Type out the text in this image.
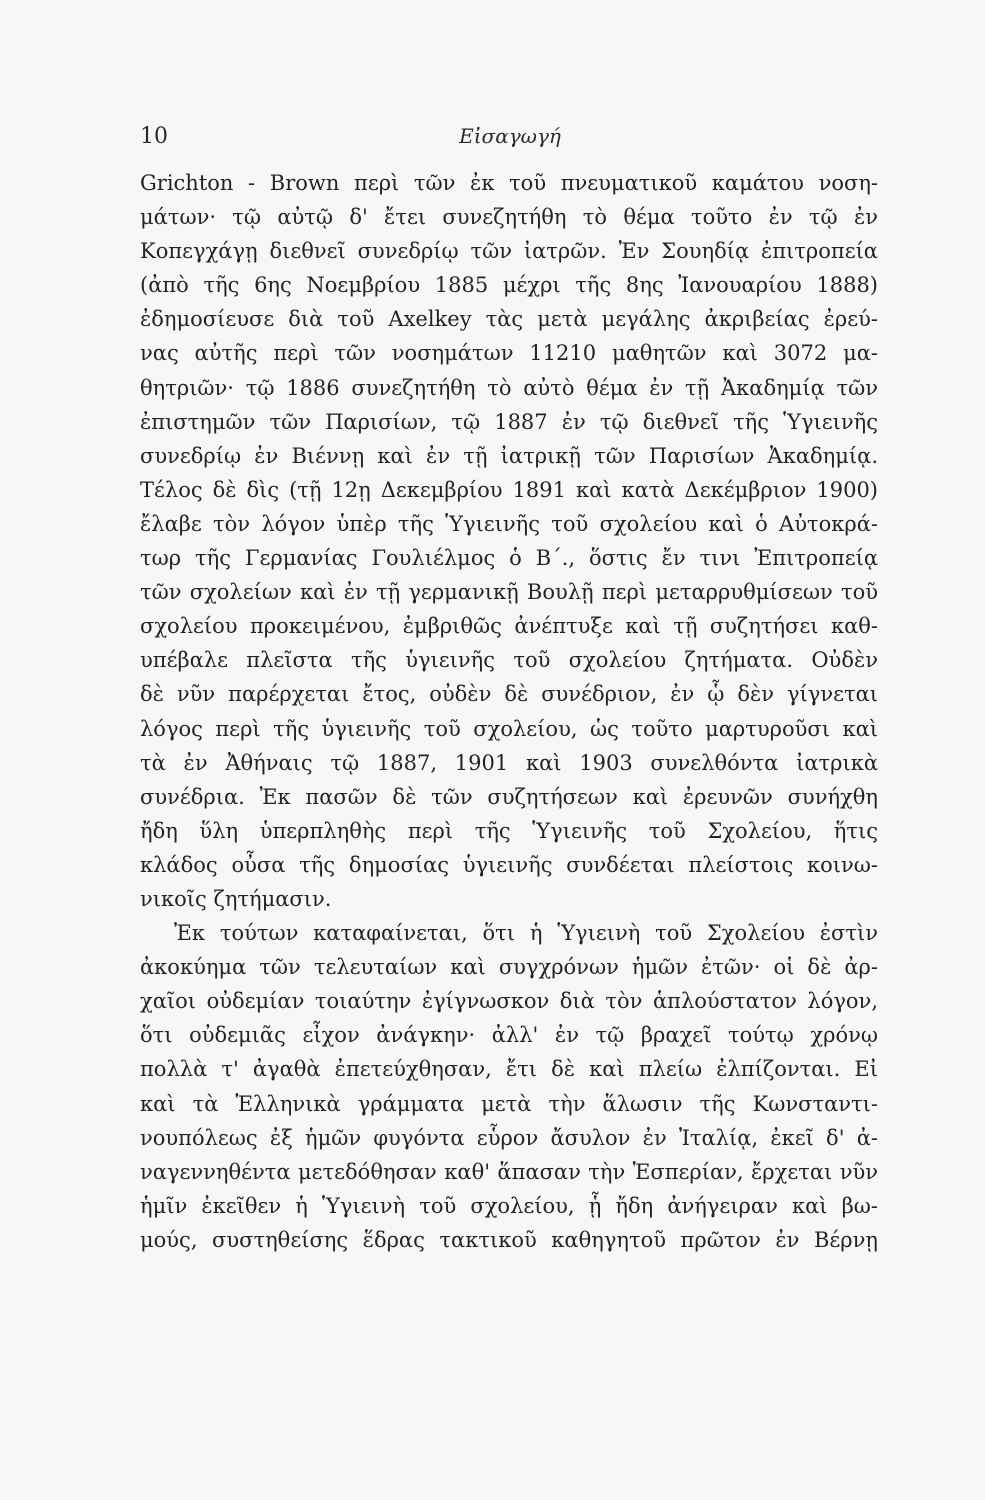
10	Εἰσαγωγή
Grichton - Brown περὶ τῶν ἐκ τοῦ πνευματικοῦ καμάτου νοση-
μάτων· τῷ αὐτῷ δ' ἔτει συνεζητήθη τὸ θέμα τοῦτο ἐν τῷ ἐν
Κοπεγχάγῃ διεθνεῖ συνεδρίῳ τῶν ἰατρῶν. Ἐν Σουηδίᾳ ἐπιτροπεία
(ἀπὸ τῆς 6ης Νοεμβρίου 1885 μέχρι τῆς 8ης Ἰανουαρίου 1888)
ἐδημοσίευσε διὰ τοῦ Axelkey τὰς μετὰ μεγάλης ἀκριβείας ἐρεύ-
νας αὐτῆς περὶ τῶν νοσημάτων 11210 μαθητῶν καὶ 3072 μα-
θητριῶν· τῷ 1886 συνεζητήθη τὸ αὐτὸ θέμα ἐν τῇ Ἀκαδημίᾳ τῶν
ἐπιστημῶν τῶν Παρισίων, τῷ 1887 ἐν τῷ διεθνεῖ τῆς Ὑγιεινῆς
συνεδρίῳ ἐν Βιέννῃ καὶ ἐν τῇ ἰατρικῇ τῶν Παρισίων Ἀκαδημίᾳ.
Τέλος δὲ δὶς (τῇ 12ῃ Δεκεμβρίου 1891 καὶ κατὰ Δεκέμβριον 1900)
ἔλαβε τὸν λόγον ὑπὲρ τῆς Ὑγιεινῆς τοῦ σχολείου καὶ ὁ Αὐτοκρά-
τωρ τῆς Γερμανίας Γουλιέλμος ὁ Β΄., ὅστις ἔν τινι Ἐπιτροπείᾳ
τῶν σχολείων καὶ ἐν τῇ γερμανικῇ Βουλῇ περὶ μεταρρυθμίσεων τοῦ
σχολείου προκειμένου, ἐμβριθῶς ἀνέπτυξε καὶ τῇ συζητήσει καθ-
υπέβαλε πλεῖστα τῆς ὑγιεινῆς τοῦ σχολείου ζητήματα. Οὐδὲν
δὲ νῦν παρέρχεται ἔτος, οὐδὲν δὲ συνέδριον, ἐν ᾧ δὲν γίγνεται
λόγος περὶ τῆς ὑγιεινῆς τοῦ σχολείου, ὡς τοῦτο μαρτυροῦσι καὶ
τὰ ἐν Ἀθήναις τῷ 1887, 1901 καὶ 1903 συνελθόντα ἰατρικὰ
συνέδρια. Ἐκ πασῶν δὲ τῶν συζητήσεων καὶ ἐρευνῶν συνήχθη
ἤδη ὕλη ὑπερπληθὴς περὶ τῆς Ὑγιεινῆς τοῦ Σχολείου, ἥτις
κλάδος οὖσα τῆς δημοσίας ὑγιεινῆς συνδέεται πλείστοις κοινω-
νικοῖς ζητήμασιν.
Ἐκ τούτων καταφαίνεται, ὅτι ἡ Ὑγιεινὴ τοῦ Σχολείου ἐστὶν
ἀκοκύημα τῶν τελευταίων καὶ συγχρόνων ἡμῶν ἐτῶν· οἱ δὲ ἀρ-
χαῖοι οὐδεμίαν τοιαύτην ἐγίγνωσκον διὰ τὸν ἁπλούστατον λόγον,
ὅτι οὐδεμιᾶς εἶχον ἀνάγκην· ἀλλ' ἐν τῷ βραχεῖ τούτῳ χρόνῳ
πολλὰ τ' ἀγαθὰ ἐπετεύχθησαν, ἔτι δὲ καὶ πλείω ἐλπίζονται. Εἰ
καὶ τὰ Ἑλληνικὰ γράμματα μετὰ τὴν ἅλωσιν τῆς Κωνσταντι-
νουπόλεως ἐξ ἡμῶν φυγόντα εὗρον ἄσυλον ἐν Ἰταλίᾳ, ἐκεῖ δ' ἀ-
ναγεννηθέντα μετεδόθησαν καθ' ἅπασαν τὴν Ἑσπερίαν, ἔρχεται νῦν
ἡμῖν ἐκεῖθεν ἡ Ὑγιεινὴ τοῦ σχολείου, ᾗ ἤδη ἀνήγειραν καὶ βω-
μούς, συστηθείσης ἕδρας τακτικοῦ καθηγητοῦ πρῶτον ἐν Βέρνῃ
